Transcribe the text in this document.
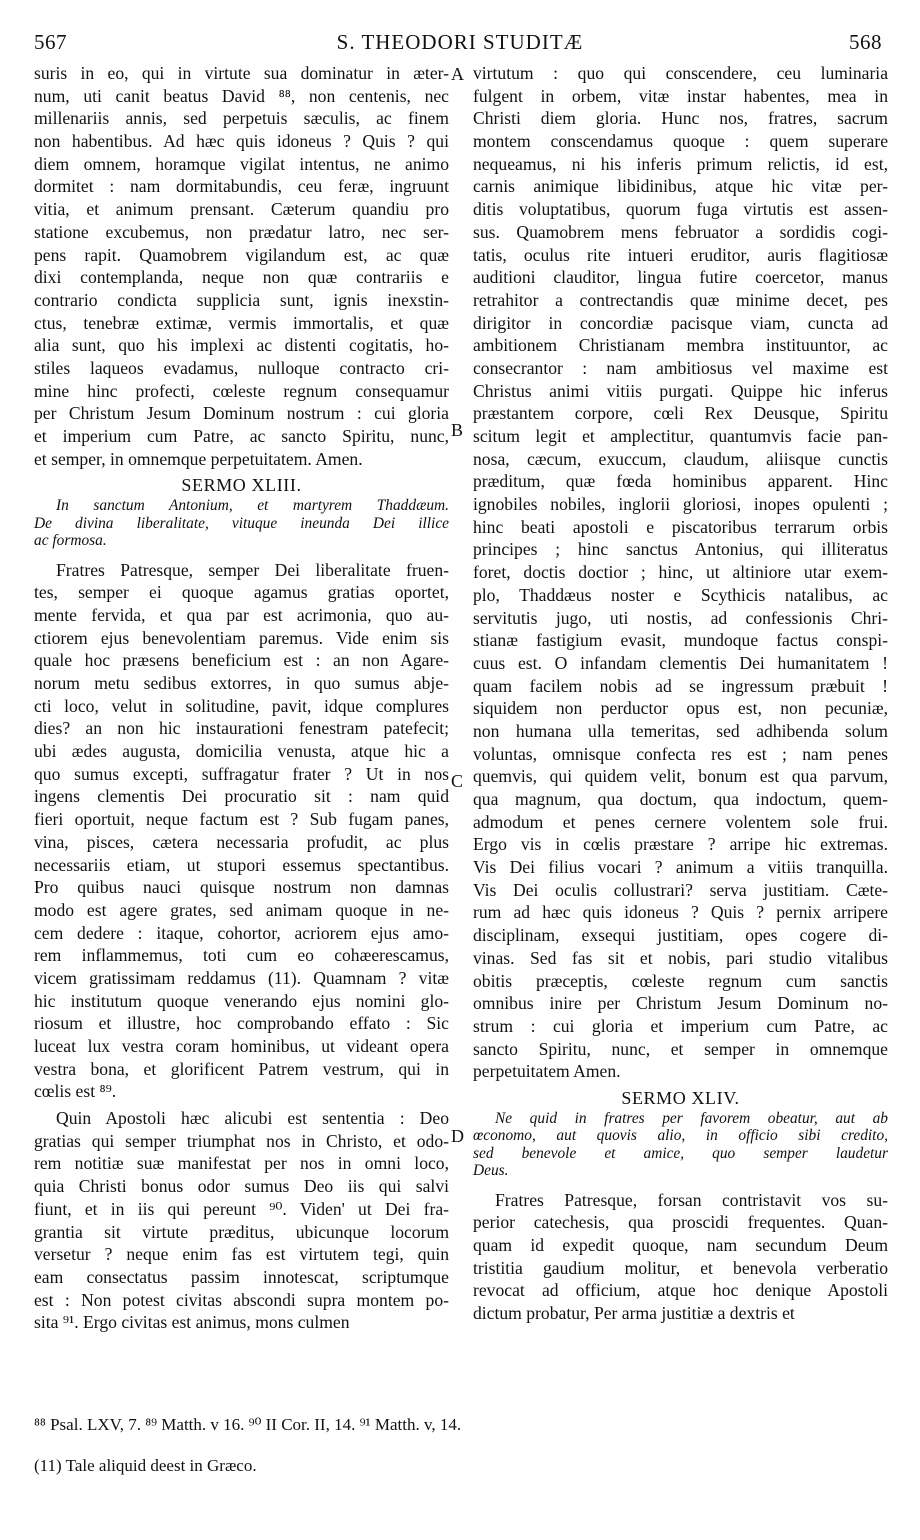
567	S. THEODORI STUDITÆ	568
A
B
C
D
suris in eo, qui in virtute sua dominatur in æter-
num, uti canit beatus David ⁸⁸, non centenis, nec
millenariis annis, sed perpetuis sæculis, ac finem
non habentibus. Ad hæc quis idoneus ? Quis ? qui
diem omnem, horamque vigilat intentus, ne animo
dormitet : nam dormitabundis, ceu feræ, ingruunt
vitia, et animum prensant. Cæterum quandiu pro
statione excubemus, non prædatur latro, nec ser-
pens rapit. Quamobrem vigilandum est, ac quæ
dixi contemplanda, neque non quæ contrariis e
contrario condicta supplicia sunt, ignis inexstin-
ctus, tenebræ extimæ, vermis immortalis, et quæ
alia sunt, quo his implexi ac distenti cogitatis, ho-
stiles laqueos evadamus, nulloque contracto cri-
mine hinc profecti, cœleste regnum consequamur
per Christum Jesum Dominum nostrum : cui gloria
et imperium cum Patre, ac sancto Spiritu, nunc,
et semper, in omnemque perpetuitatem. Amen.
SERMO XLIII.
In sanctum Antonium, et martyrem Thaddæum.
De divina liberalitate, vituque ineunda Dei illice
ac formosa.
Fratres Patresque, semper Dei liberalitate fruen-
tes, semper ei quoque agamus gratias oportet,
mente fervida, et qua par est acrimonia, quo au-
ctiorem ejus benevolentiam paremus. Vide enim sis
quale hoc præsens beneficium est : an non Agare-
norum metu sedibus extorres, in quo sumus abje-
cti loco, velut in solitudine, pavit, idque complures
dies? an non hic instaurationi fenestram patefecit;
ubi ædes augusta, domicilia venusta, atque hic a
quo sumus excepti, suffragatur frater ? Ut in nos
ingens clementis Dei procuratio sit : nam quid
fieri oportuit, neque factum est ? Sub fugam panes,
vina, pisces, cætera necessaria profudit, ac plus
necessariis etiam, ut stupori essemus spectantibus.
Pro quibus nauci quisque nostrum non damnas
modo est agere grates, sed animam quoque in ne-
cem dedere : itaque, cohortor, acriorem ejus amo-
rem inflammemus, toti cum eo cohæerescamus,
vicem gratissimam reddamus (11). Quamnam ? vitæ
hic institutum quoque venerando ejus nomini glo-
riosum et illustre, hoc comprobando effato : Sic
luceat lux vestra coram hominibus, ut videant opera
vestra bona, et glorificent Patrem vestrum, qui in
cœlis est ⁸⁹.
Quin Apostoli hæc alicubi est sententia : Deo
gratias qui semper triumphat nos in Christo, et odo-
rem notitiæ suæ manifestat per nos in omni loco,
quia Christi bonus odor sumus Deo iis qui salvi
fiunt, et in iis qui pereunt ⁹⁰. Viden' ut Dei fra-
grantia sit virtute præditus, ubicunque locorum
versetur ? neque enim fas est virtutem tegi, quin
eam consectatus passim innotescat, scriptumque
est : Non potest civitas abscondi supra montem po-
sita ⁹¹. Ergo civitas est animus, mons culmen
virtutum : quo qui conscendere, ceu luminaria
fulgent in orbem, vitæ instar habentes, mea in
Christi diem gloria. Hunc nos, fratres, sacrum
montem conscendamus quoque : quem superare
nequeamus, ni his inferis primum relictis, id est,
carnis animique libidinibus, atque hic vitæ per-
ditis voluptatibus, quorum fuga virtutis est assen-
sus. Quamobrem mens februator a sordidis cogi-
tatis, oculus rite intueri eruditor, auris flagitiosæ
auditioni clauditor, lingua futire coercetor, manus
retrahitor a contrectandis quæ minime decet, pes
dirigitor in concordiæ pacisque viam, cuncta ad
ambitionem Christianam membra instituuntor, ac
consecrantor : nam ambitiosus vel maxime est
Christus animi vitiis purgati. Quippe hic inferus
præstantem corpore, cœli Rex Deusque, Spiritu
scitum legit et amplectitur, quantumvis facie pan-
nosa, cæcum, exuccum, claudum, aliisque cunctis
præditum, quæ fœda hominibus apparent. Hinc
ignobiles nobiles, inglorii gloriosi, inopes opulenti ;
hinc beati apostoli e piscatoribus terrarum orbis
principes ; hinc sanctus Antonius, qui illiteratus
foret, doctis doctior ; hinc, ut altiniore utar exem-
plo, Thaddæus noster e Scythicis natalibus, ac
servitutis jugo, uti nostis, ad confessionis Chri-
stianæ fastigium evasit, mundoque factus conspi-
cuus est. O infandam clementis Dei humanitatem !
quam facilem nobis ad se ingressum præbuit !
siquidem non perductor opus est, non pecuniæ,
non humana ulla temeritas, sed adhibenda solum
voluntas, omnisque confecta res est ; nam penes
quemvis, qui quidem velit, bonum est qua parvum,
qua magnum, qua doctum, qua indoctum, quem-
admodum et penes cernere volentem sole frui.
Ergo vis in cœlis præstare ? arripe hic extremas.
Vis Dei filius vocari ? animum a vitiis tranquilla.
Vis Dei oculis collustrari? serva justitiam. Cæte-
rum ad hæc quis idoneus ? Quis ? pernix arripere
disciplinam, exsequi justitiam, opes cogere di-
vinas. Sed fas sit et nobis, pari studio vitalibus
obitis præceptis, cœleste regnum cum sanctis
omnibus inire per Christum Jesum Dominum no-
strum : cui gloria et imperium cum Patre, ac
sancto Spiritu, nunc, et semper in omnemque
perpetuitatem Amen.
SERMO XLIV.
Ne quid in fratres per favorem obeatur, aut ab
œconomo, aut quovis alio, in officio sibi credito,
sed benevole et amice, quo semper laudetur
Deus.
Fratres Patresque, forsan contristavit vos su-
perior catechesis, qua proscidi frequentes. Quan-
quam id expedit quoque, nam secundum Deum
tristitia gaudium molitur, et benevola verberatio
revocat ad officium, atque hoc denique Apostoli
dictum probatur, Per arma justitiæ a dextris et
⁸⁸ Psal. LXV, 7. ⁸⁹ Matth. v 16. ⁹⁰ II Cor. II, 14. ⁹¹ Matth. v, 14.
(11) Tale aliquid deest in Græco.
